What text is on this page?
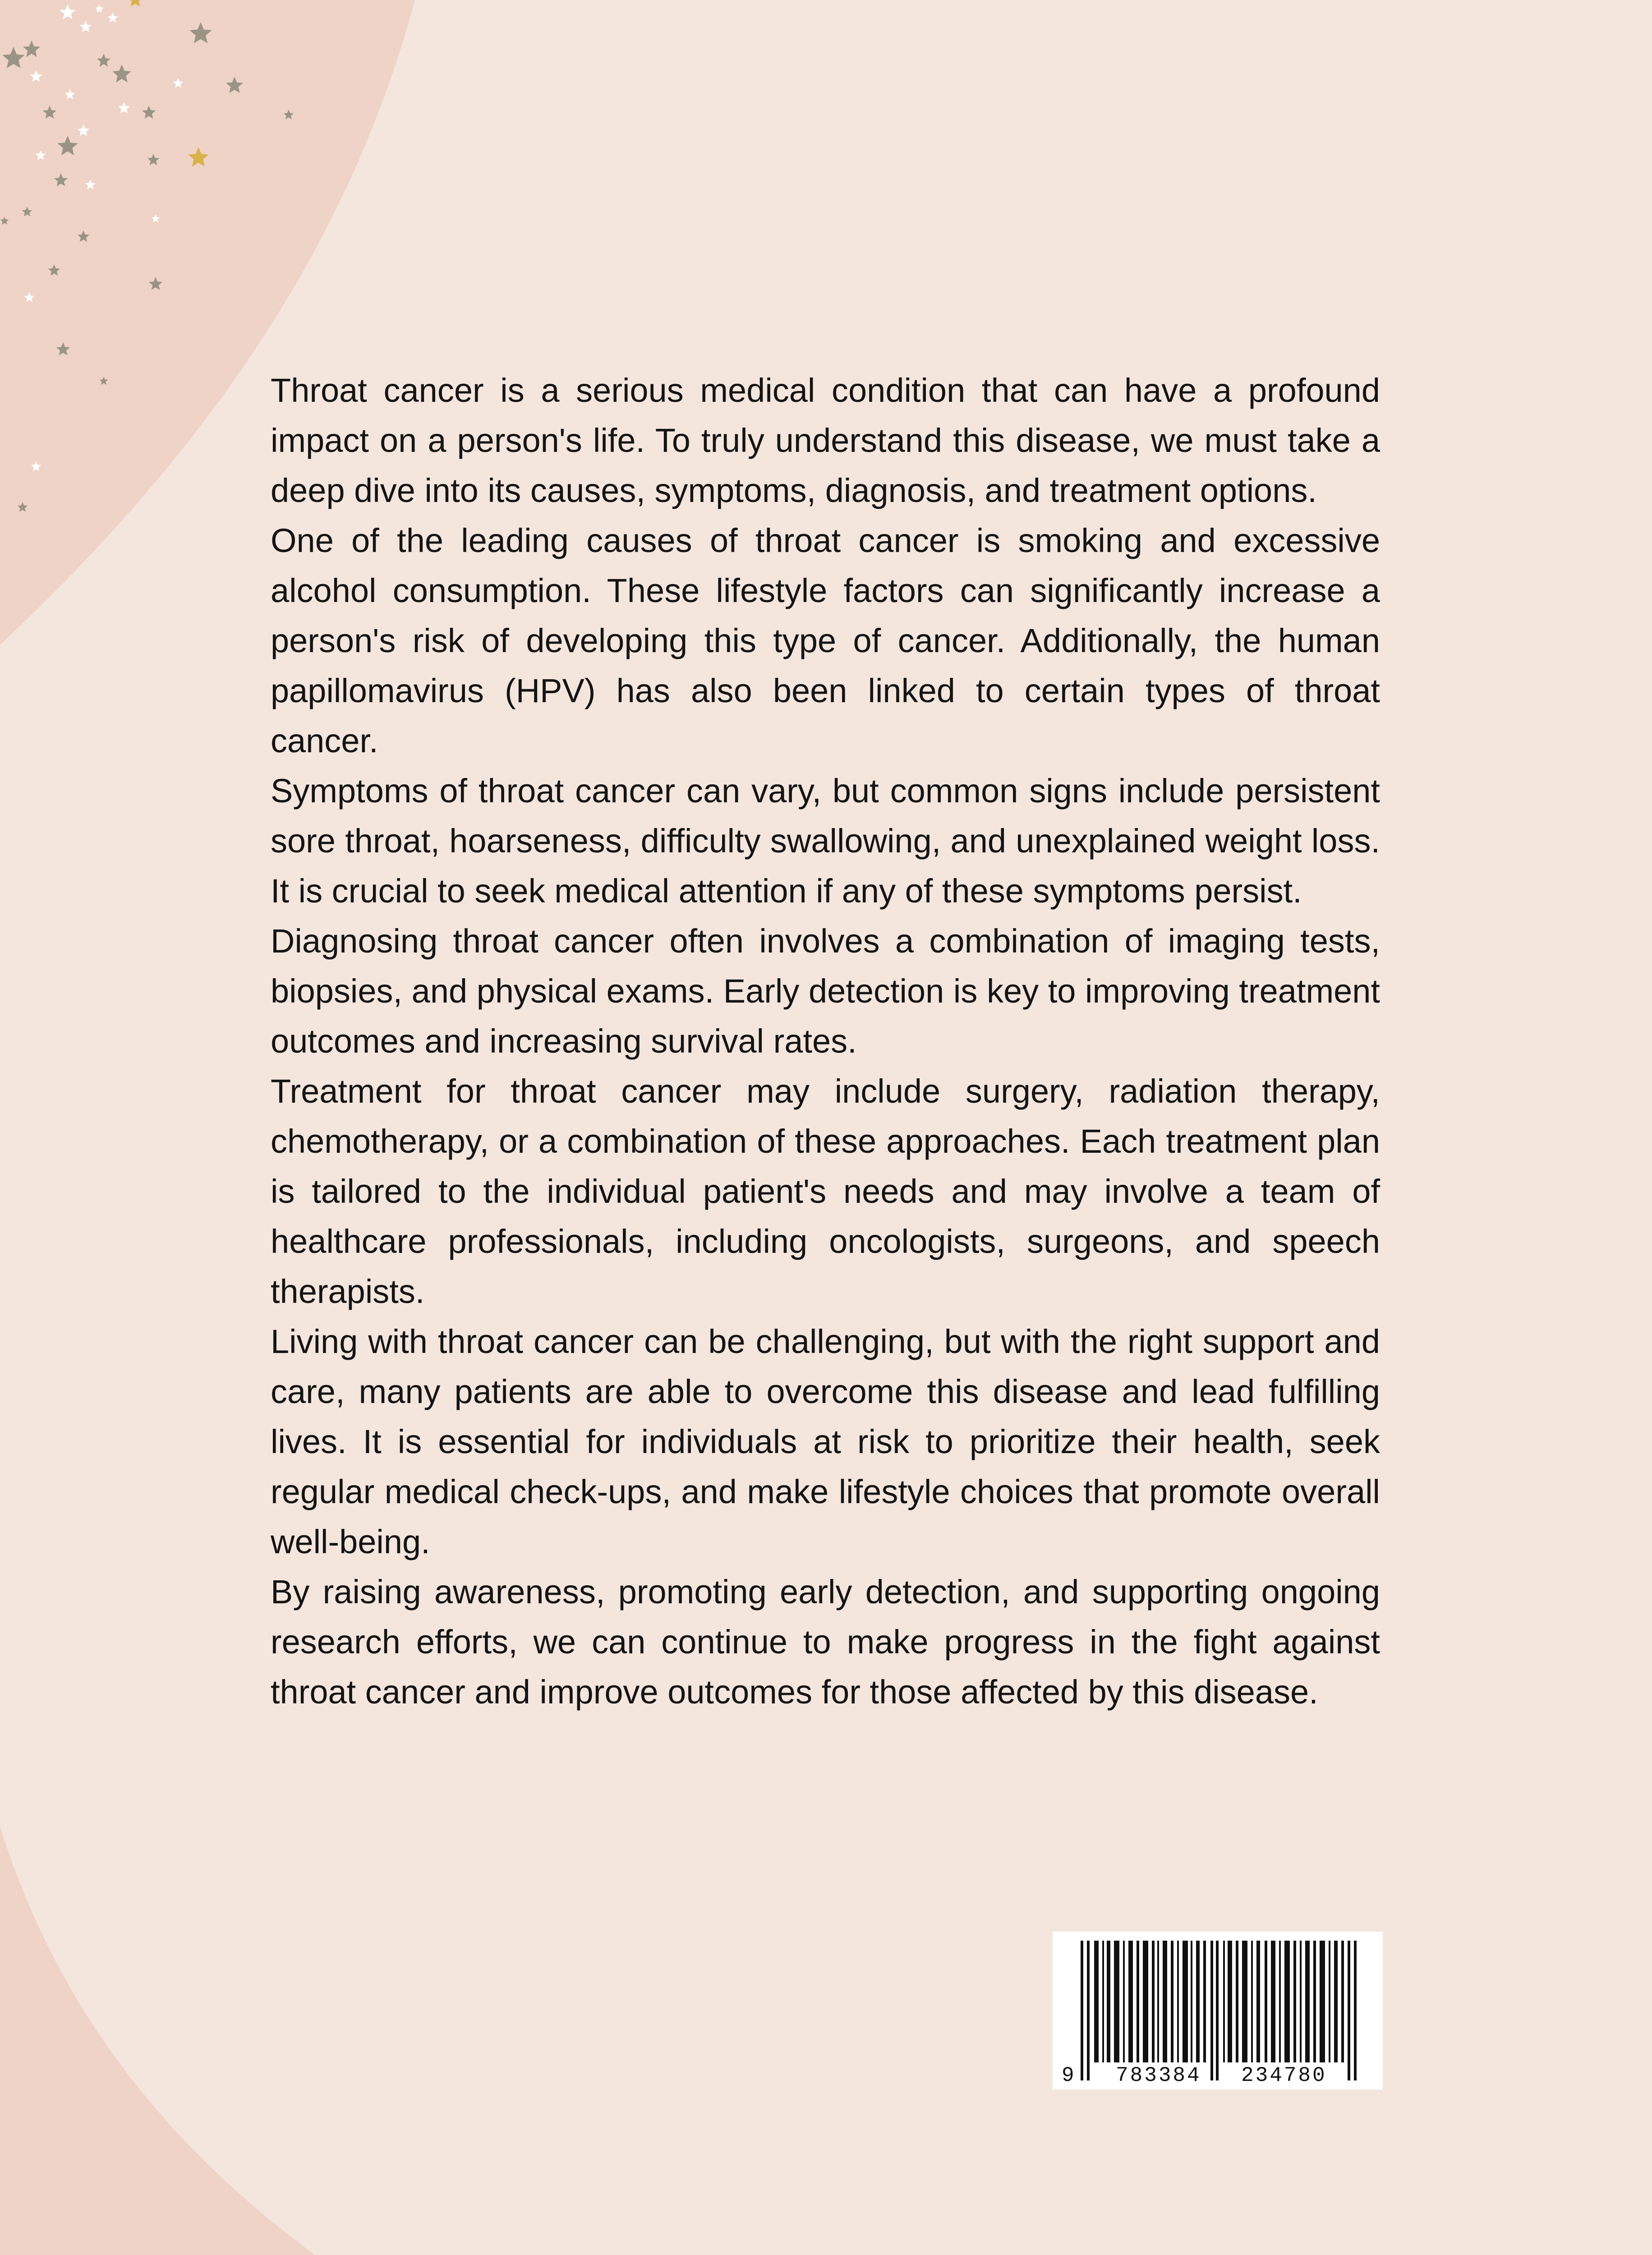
Throat cancer is a serious medical condition that can have a profound impact on a person's life. To truly understand this disease, we must take a deep dive into its causes, symptoms, diagnosis, and treatment options.

One of the leading causes of throat cancer is smoking and excessive alcohol consumption. These lifestyle factors can significantly increase a person's risk of developing this type of cancer. Additionally, the human papillomavirus (HPV) has also been linked to certain types of throat cancer.

Symptoms of throat cancer can vary, but common signs include persistent sore throat, hoarseness, difficulty swallowing, and unexplained weight loss. It is crucial to seek medical attention if any of these symptoms persist.

Diagnosing throat cancer often involves a combination of imaging tests, biopsies, and physical exams. Early detection is key to improving treatment outcomes and increasing survival rates.

Treatment for throat cancer may include surgery, radiation therapy, chemotherapy, or a combination of these approaches. Each treatment plan is tailored to the individual patient's needs and may involve a team of healthcare professionals, including oncologists, surgeons, and speech therapists.

Living with throat cancer can be challenging, but with the right support and care, many patients are able to overcome this disease and lead fulfilling lives. It is essential for individuals at risk to prioritize their health, seek regular medical check-ups, and make lifestyle choices that promote overall well-being.

By raising awareness, promoting early detection, and supporting ongoing research efforts, we can continue to make progress in the fight against throat cancer and improve outcomes for those affected by this disease.

9 783384 234780
